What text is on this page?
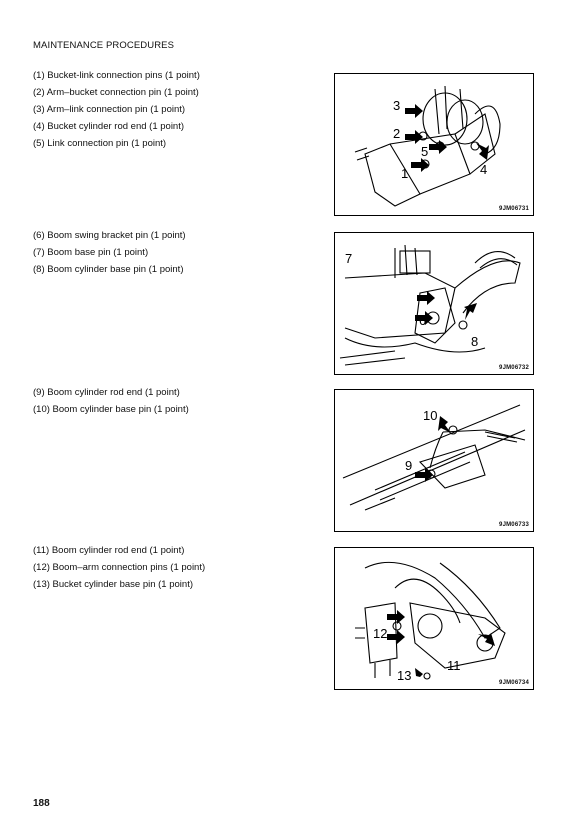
MAINTENANCE PROCEDURES
(1) Bucket-link connection pins (1 point)
(2) Arm–bucket connection pin (1 point)
(3) Arm–link connection pin (1 point)
(4) Bucket cylinder rod end (1 point)
(5) Link connection pin (1 point)
3
2
5
1	4
9JM06731
(6) Boom swing bracket pin (1 point)
(7) Boom base pin (1 point)
(8) Boom cylinder base pin (1 point)
7
6
8
9JM06732
(9) Boom cylinder rod end (1 point)
(10) Boom cylinder base pin (1 point)	10
9
9JM06733
(11) Boom cylinder rod end (1 point)
(12) Boom–arm connection pins (1 point)
(13) Bucket cylinder base pin (1 point)
12
13
11
9JM06734
188
